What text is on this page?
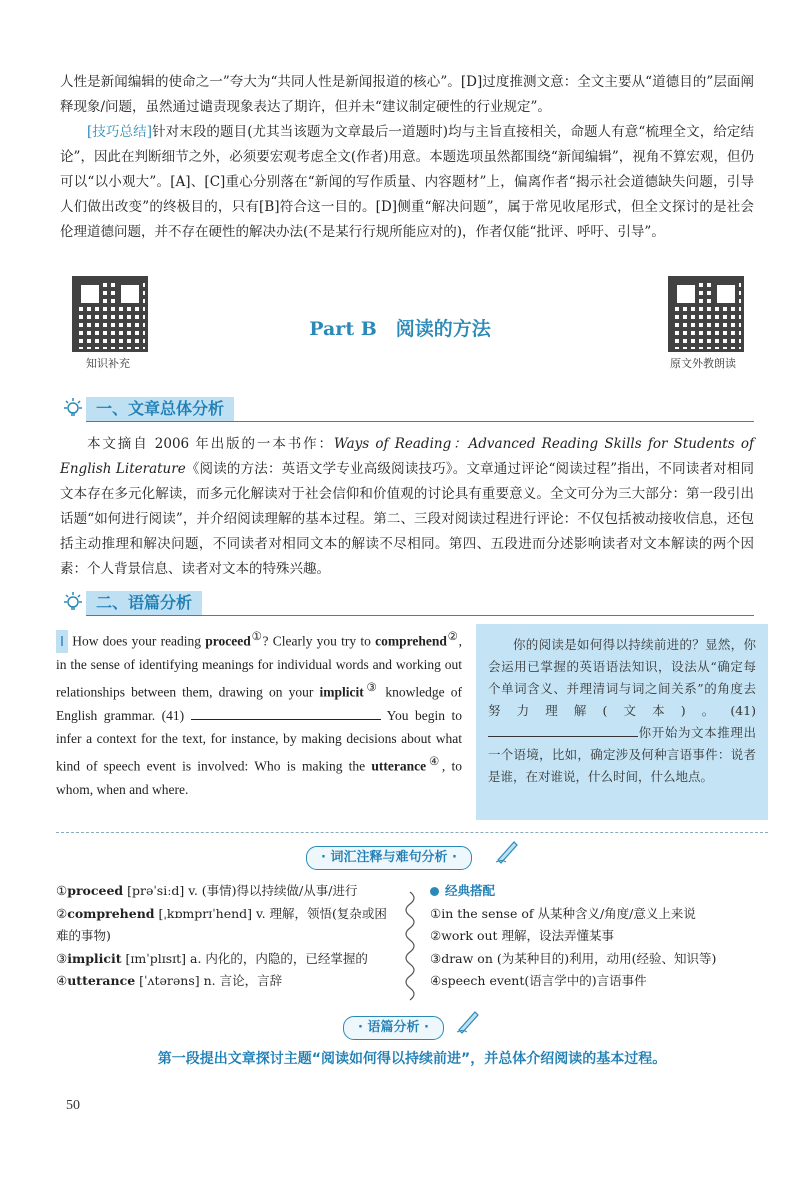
人性是新闻编辑的使命之一”夸大为“共同人性是新闻报道的核心”。[D]过度推测文意：全文主要从“道德目的”层面阐释现象/问题，虽然通过谴责现象表达了期许，但并未“建议制定硬性的行业规定”。

[技巧总结]针对末段的题目(尤其当该题为文章最后一道题时)均与主旨直接相关，命题人有意“梳理全文，给定结论”，因此在判断细节之外，必须要宏观考虑全文(作者)用意。本题选项虽然都围绕“新闻编辑”，视角不算宏观，但仍可以“以小观大”。[A]、[C]重心分别落在“新闻的写作质量、内容题材”上，偏离作者“揭示社会道德缺失问题，引导人们做出改变”的终极目的，只有[B]符合这一目的。[D]侧重“解决问题”，属于常见收尾形式，但全文探讨的是社会伦理道德问题，并不存在硬性的解决办法(不是某行行规所能应对的)，作者仅能“批评、呼吁、引导”。

知识补充	原文外教朗读
Part B　阅读的方法
一、文章总体分析
本文摘自 2006 年出版的一本书作：Ways of Reading：Advanced Reading Skills for Students of English Literature《阅读的方法：英语文学专业高级阅读技巧》。文章通过评论“阅读过程”指出，不同读者对相同文本存在多元化解读，而多元化解读对于社会信仰和价值观的讨论具有重要意义。全文可分为三大部分：第一段引出话题“如何进行阅读”，并介绍阅读理解的基本过程。第二、三段对阅读过程进行评论：不仅包括被动接收信息，还包括主动推理和解决问题，不同读者对相同文本的解读不尽相同。第四、五段进而分述影响读者对文本解读的两个因素：个人背景信息、读者对文本的特殊兴趣。
二、语篇分析
Ⅰ How does your reading proceed①? Clearly you try to comprehend②, in the sense of identifying meanings for individual words and working out relationships between them, drawing on your implicit③ knowledge of English grammar. (41)	You begin to infer a context for the text, for instance, by making decisions about what kind of speech event is involved: Who is making the utterance④, to whom, when and where.
你的阅读是如何得以持续前进的？显然，你会运用已掌握的英语语法知识，设法从“确定每个单词含义、并理清词与词之间关系”的角度去努力理解(文本)。(41)你开始为文本推理出一个语境，比如，确定涉及何种言语事件：说者是谁，在对谁说，什么时间，什么地点。
· 词汇注释与难句分析 ·
①proceed [prəˈsiːd] v. (事情)得以持续做/从事/进行
②comprehend [ˌkɒmprɪˈhend] v. 理解，领悟(复杂或困难的事物)
③implicit [ɪmˈplɪsɪt] a. 内化的，内隐的，已经掌握的
④utterance [ˈʌtərəns] n. 言论，言辞
经典搭配
①in the sense of 从某种含义/角度/意义上来说
②work out 理解，设法弄懂某事
③draw on (为某种目的)利用，动用(经验、知识等)
④speech event(语言学中的)言语事件
· 语篇分析 ·
第一段提出文章探讨主题“阅读如何得以持续前进”，并总体介绍阅读的基本过程。
50
